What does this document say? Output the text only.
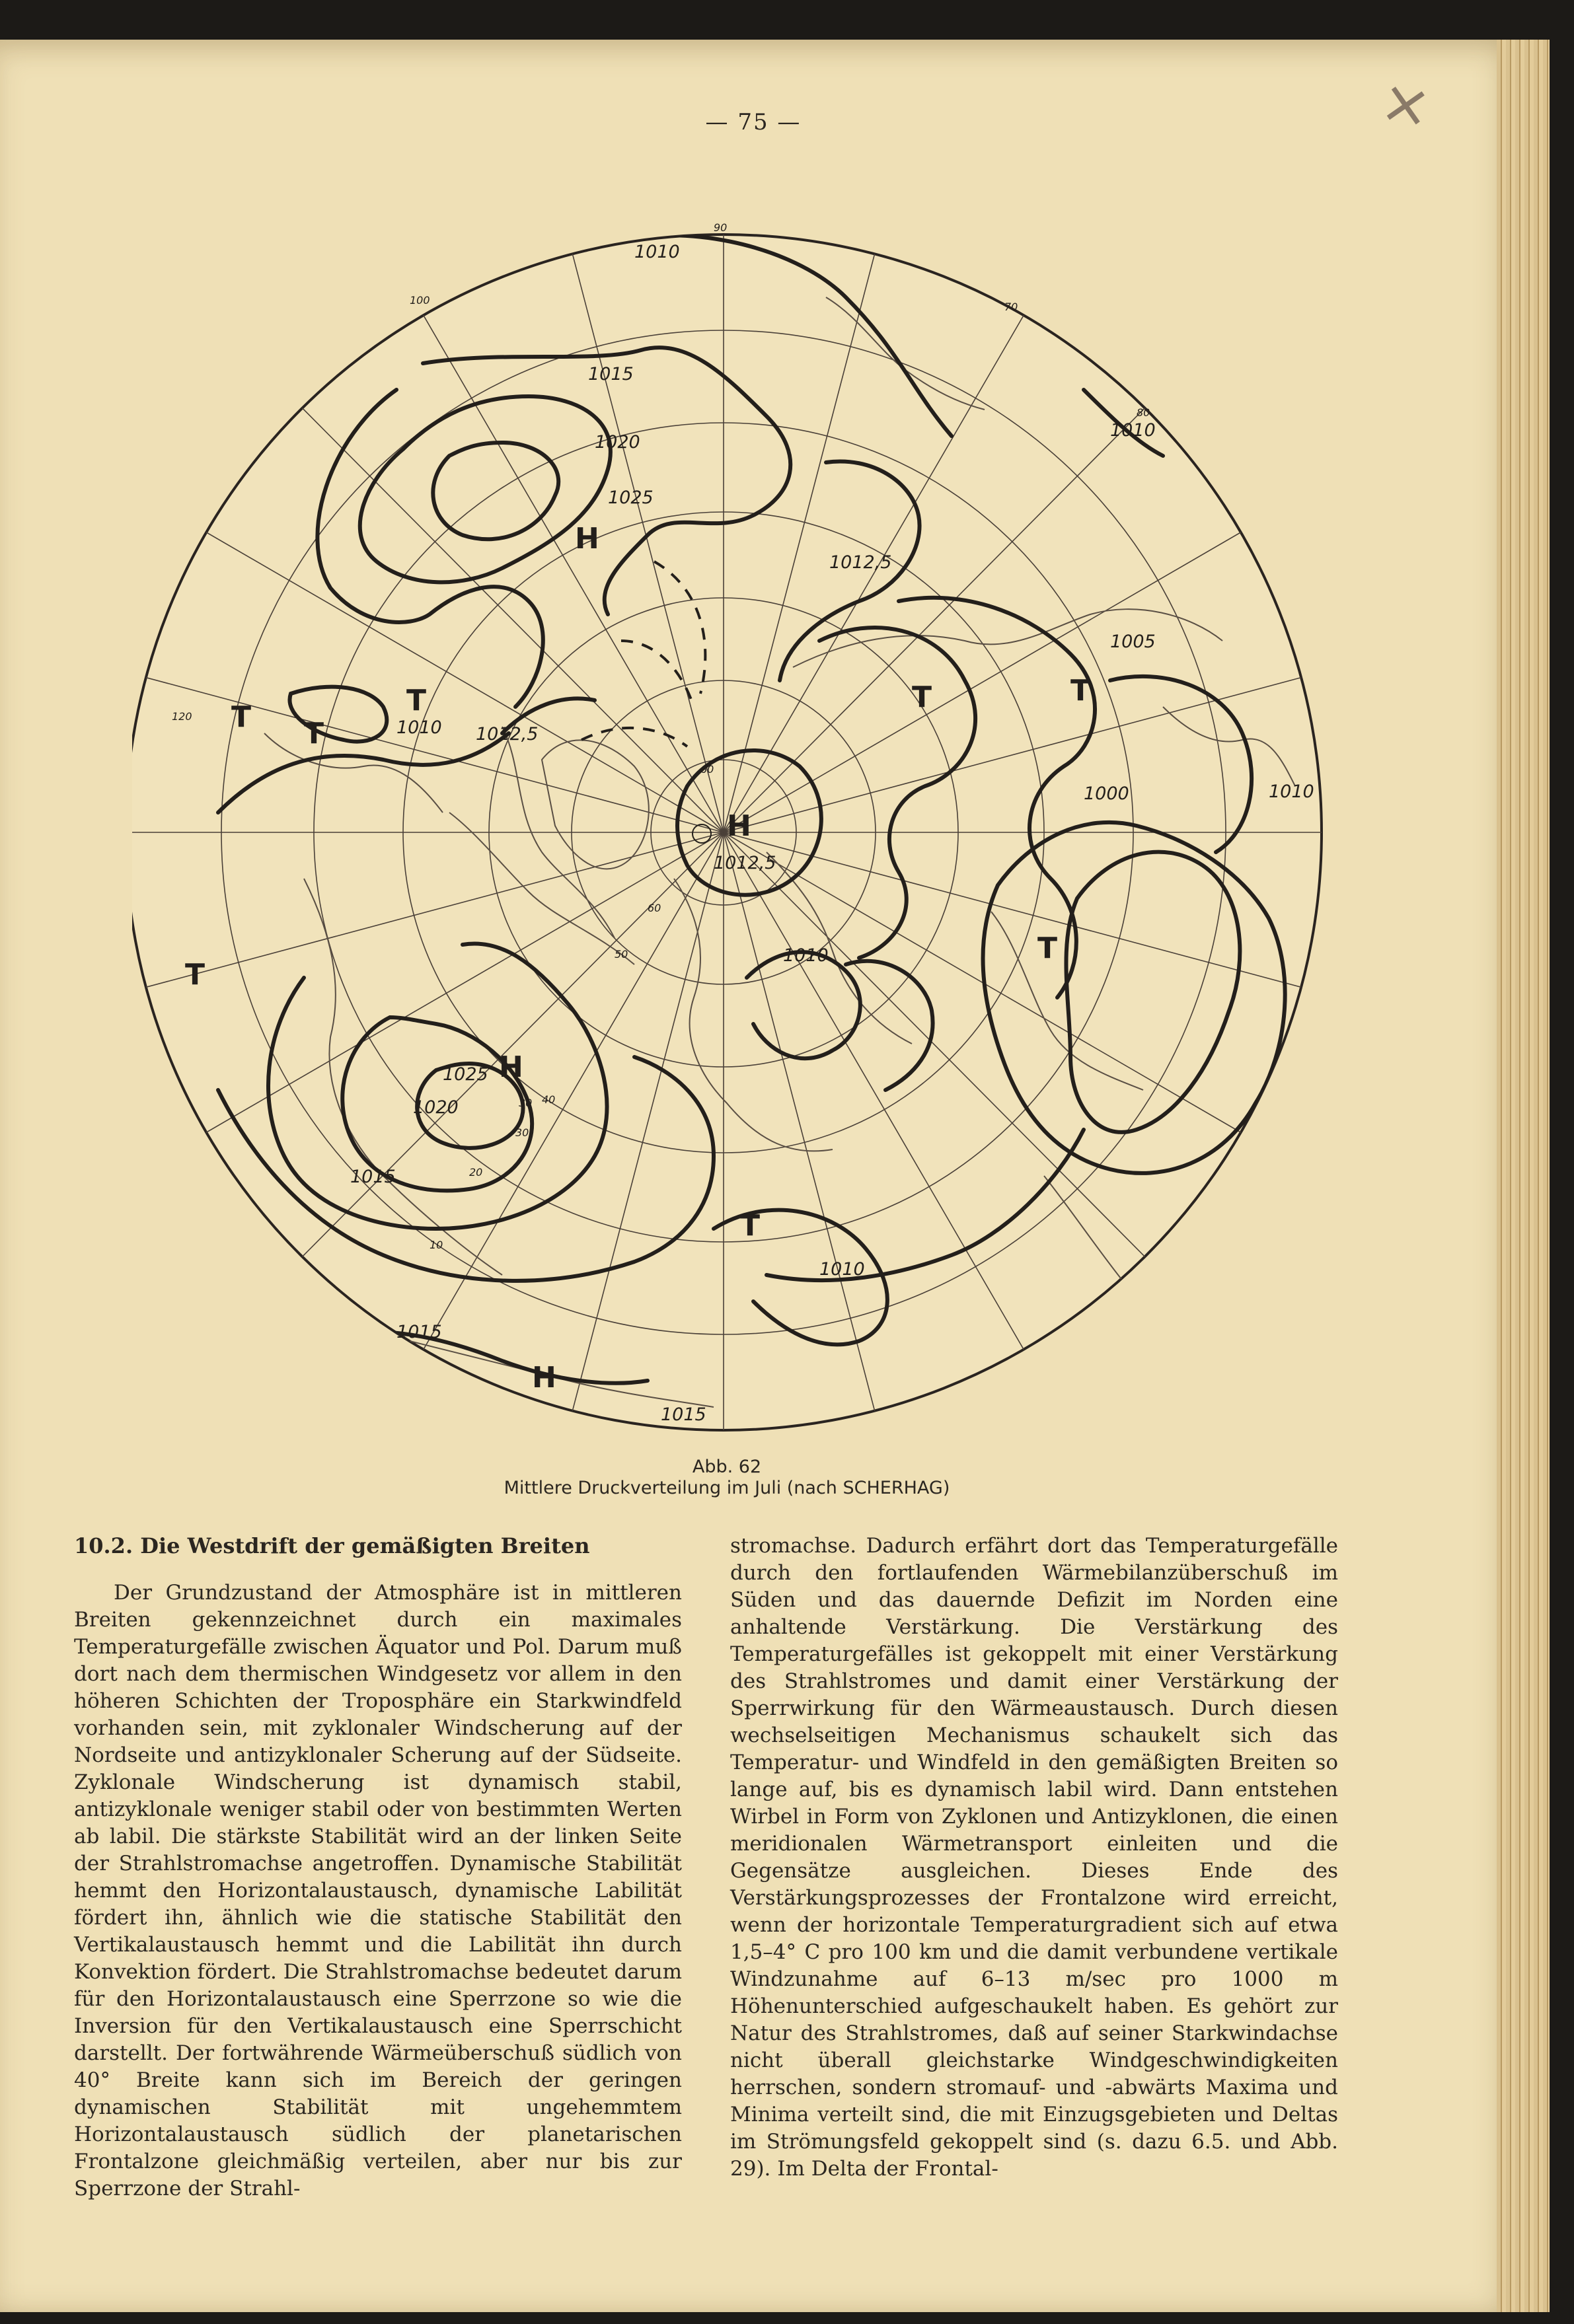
×
— 75 —
1010
1015
1020
1025
1012,5
1010
1012,5
1005
1000	1010
1010
1012,5
1010
1025
1020
1015
1010
1015
1015
H
H
H
H
T T
T	T	T
T
T
T
90
60
30
10
20
30
40
50
60
70
80
100
120
Abb. 62
Mittlere Druckverteilung im Juli (nach SCHERHAG)

10.2. Die Westdrift der gemäßigten Breiten

Der Grundzustand der Atmosphäre ist in mittleren Breiten gekennzeichnet durch ein maximales Temperaturgefälle zwischen Äquator und Pol. Darum muß dort nach dem thermischen Windgesetz vor allem in den höheren Schichten der Troposphäre ein Starkwindfeld vorhanden sein, mit zyklonaler Windscherung auf der Nordseite und antizyklonaler Scherung auf der Südseite. Zyklonale Windscherung ist dynamisch stabil, antizyklonale weniger stabil oder von bestimmten Werten ab labil. Die stärkste Stabilität wird an der linken Seite der Strahlstromachse angetroffen. Dynamische Stabilität hemmt den Horizontalaustausch, dynamische Labilität fördert ihn, ähnlich wie die statische Stabilität den Vertikalaustausch hemmt und die Labilität ihn durch Konvektion fördert. Die Strahlstromachse bedeutet darum für den Horizontalaustausch eine Sperrzone so wie die Inversion für den Vertikalaustausch eine Sperrschicht darstellt. Der fortwährende Wärmeüberschuß südlich von 40° Breite kann sich im Bereich der geringen dynamischen Stabilität mit ungehemmtem Horizontalaustausch südlich der planetarischen Frontalzone gleichmäßig verteilen, aber nur bis zur Sperrzone der Strahl-

stromachse. Dadurch erfährt dort das Temperaturgefälle durch den fortlaufenden Wärmebilanzüberschuß im Süden und das dauernde Defizit im Norden eine anhaltende Verstärkung. Die Verstärkung des Temperaturgefälles ist gekoppelt mit einer Verstärkung des Strahlstromes und damit einer Verstärkung der Sperrwirkung für den Wärmeaustausch. Durch diesen wechselseitigen Mechanismus schaukelt sich das Temperatur- und Windfeld in den gemäßigten Breiten so lange auf, bis es dynamisch labil wird. Dann entstehen Wirbel in Form von Zyklonen und Antizyklonen, die einen meridionalen Wärmetransport einleiten und die Gegensätze ausgleichen. Dieses Ende des Verstärkungsprozesses der Frontalzone wird erreicht, wenn der horizontale Temperaturgradient sich auf etwa 1,5–4° C pro 100 km und die damit verbundene vertikale Windzunahme auf 6–13 m/sec pro 1000 m Höhenunterschied aufgeschaukelt haben. Es gehört zur Natur des Strahlstromes, daß auf seiner Starkwindachse nicht überall gleichstarke Windgeschwindigkeiten herrschen, sondern stromauf- und -abwärts Maxima und Minima verteilt sind, die mit Einzugsgebieten und Deltas im Strömungsfeld gekoppelt sind (s. dazu 6.5. und Abb. 29). Im Delta der Frontal-
